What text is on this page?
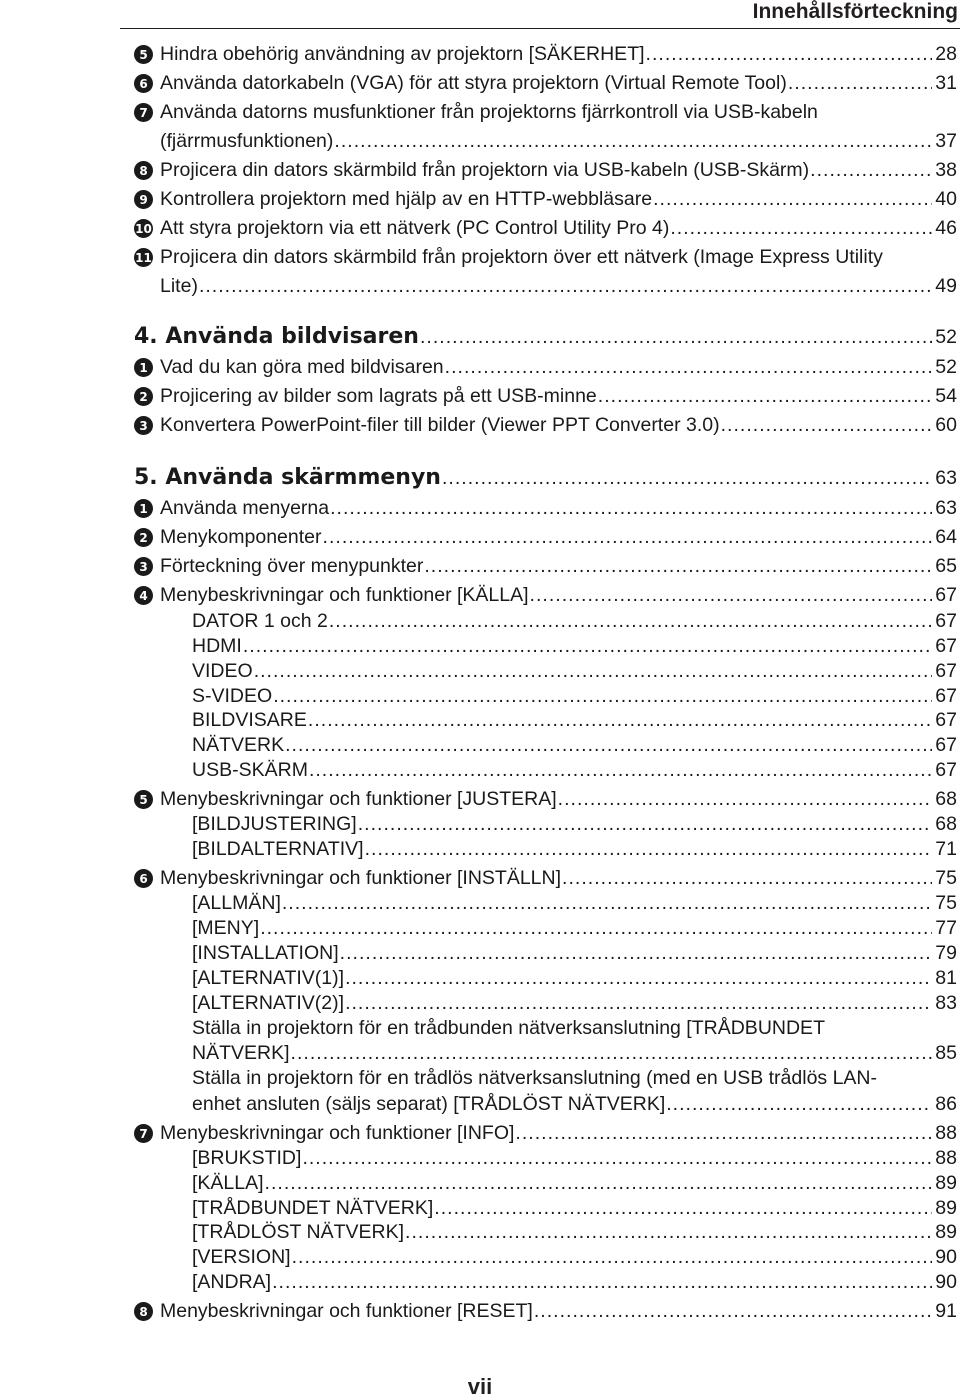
Innehållsförteckning
5 Hindra obehörig användning av projektorn [SÄKERHET] . . .	28
6 Använda datorkabeln (VGA) för att styra projektorn (Virtual Remote Tool) . . .	31
7 Använda datorns musfunktioner från projektorns fjärrkontroll via USB-kabeln
(fjärrmusfunktionen) . . .	37
8 Projicera din dators skärmbild från projektorn via USB-kabeln (USB-Skärm) . . .	38
9 Kontrollera projektorn med hjälp av en HTTP-webbläsare . . .	40
10 Att styra projektorn via ett nätverk (PC Control Utility Pro 4) . . .	46
11 Projicera din dators skärmbild från projektorn över ett nätverk (Image Express Utility
Lite) . . .	49
4. Använda bildvisaren . . .	52
1 Vad du kan göra med bildvisaren . . .	52
2 Projicering av bilder som lagrats på ett USB-minne . . .	54
3 Konvertera PowerPoint-filer till bilder (Viewer PPT Converter 3.0) . . .	60
5. Använda skärmmenyn . . .	63
1 Använda menyerna . . .	63
2 Menykomponenter . . .	64
3 Förteckning över menypunkter . . .	65
4 Menybeskrivningar och funktioner [KÄLLA] . . .	67
DATOR 1 och 2 . . .	67
HDMI . . .	67
VIDEO . . .	67
S-VIDEO . . .	67
BILDVISARE . . .	67
NÄTVERK . . .	67
USB-SKÄRM . . .	67
5 Menybeskrivningar och funktioner [JUSTERA] . . .	68
[BILDJUSTERING] . . .	68
[BILDALTERNATIV] . . .	71
6 Menybeskrivningar och funktioner [INSTÄLLN] . . .	75
[ALLMÄN] . . .	75
[MENY] . . .	77
[INSTALLATION] . . .	79
[ALTERNATIV(1)] . . .	81
[ALTERNATIV(2)] . . .	83
Ställa in projektorn för en trådbunden nätverksanslutning [TRÅDBUNDET
NÄTVERK] . . .	85
Ställa in projektorn för en trådlös nätverksanslutning (med en USB trådlös LAN-
enhet ansluten (säljs separat) [TRÅDLÖST NÄTVERK] . . .	86
7 Menybeskrivningar och funktioner [INFO] . . .	88
[BRUKSTID] . . .	88
[KÄLLA] . . .	89
[TRÅDBUNDET NÄTVERK] . . .	89
[TRÅDLÖST NÄTVERK] . . .	89
[VERSION] . . .	90
[ANDRA] . . .	90
8 Menybeskrivningar och funktioner [RESET] . . .	91
vii
